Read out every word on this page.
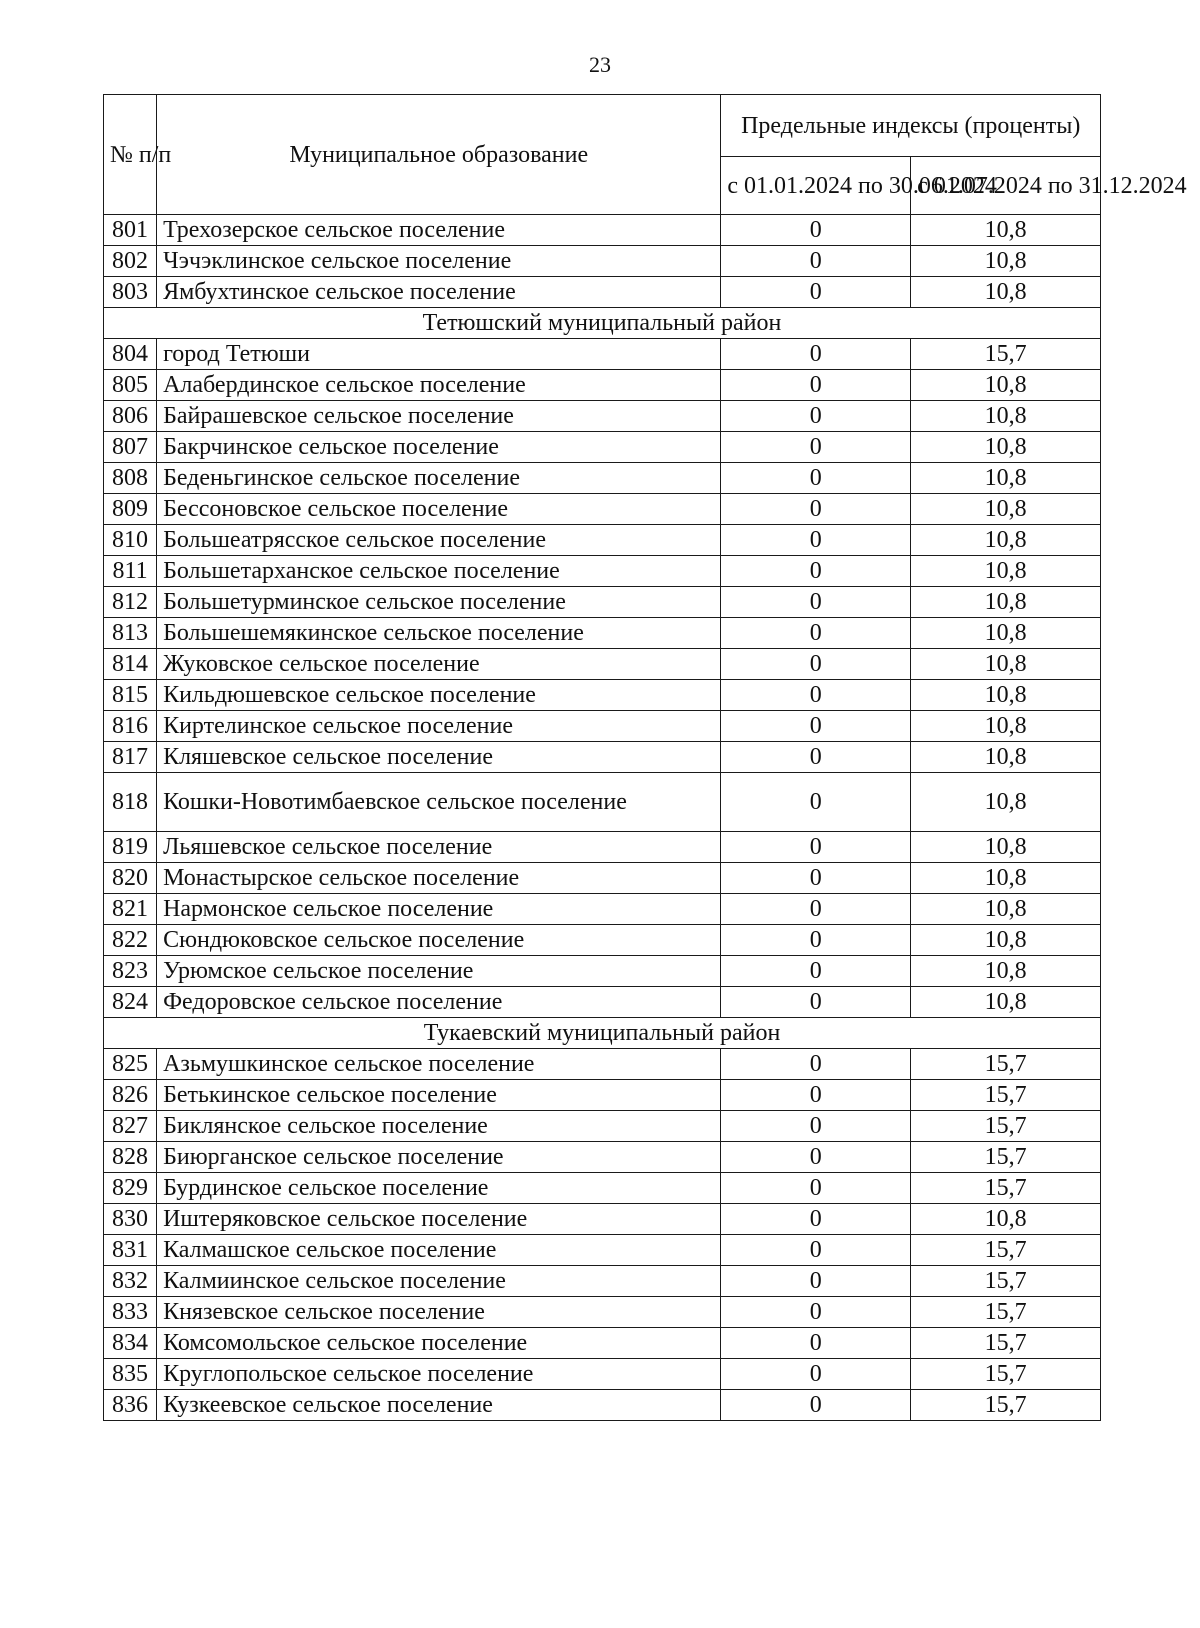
23
№ п/п	Муниципальное образование	Предельные индексы (проценты)	
		с 01.01.2024 по 30.06.2024	с 01.07.2024 по 31.12.2024
801	Трехозерское сельское поселение	0	10,8
802	Чэчэклинское сельское поселение	0	10,8
803	Ямбухтинское сельское поселение	0	10,8
Тетюшский муниципальный район			
804	город Тетюши	0	15,7
805	Алабердинское сельское поселение	0	10,8
806	Байрашевское сельское поселение	0	10,8
807	Бакрчинское сельское поселение	0	10,8
808	Беденьгинское сельское поселение	0	10,8
809	Бессоновское сельское поселение	0	10,8
810	Большеатрясское сельское поселение	0	10,8
811	Большетарханское сельское поселение	0	10,8
812	Большетурминское сельское поселение	0	10,8
813	Большешемякинское сельское поселение	0	10,8
814	Жуковское сельское поселение	0	10,8
815	Кильдюшевское сельское поселение	0	10,8
816	Киртелинское сельское поселение	0	10,8
817	Кляшевское сельское поселение	0	10,8
818	Кошки-Новотимбаевское сельское поселение	0	10,8
819	Льяшевское сельское поселение	0	10,8
820	Монастырское сельское поселение	0	10,8
821	Нармонское сельское поселение	0	10,8
822	Сюндюковское сельское поселение	0	10,8
823	Урюмское сельское поселение	0	10,8
824	Федоровское сельское поселение	0	10,8
Тукаевский муниципальный район			
825	Азьмушкинское сельское поселение	0	15,7
826	Бетькинское сельское поселение	0	15,7
827	Биклянское сельское поселение	0	15,7
828	Биюрганское сельское поселение	0	15,7
829	Бурдинское сельское поселение	0	15,7
830	Иштеряковское сельское поселение	0	10,8
831	Калмашское сельское поселение	0	15,7
832	Калмиинское сельское поселение	0	15,7
833	Князевское сельское поселение	0	15,7
834	Комсомольское сельское поселение	0	15,7
835	Круглопольское сельское поселение	0	15,7
836	Кузкеевское сельское поселение	0	15,7
